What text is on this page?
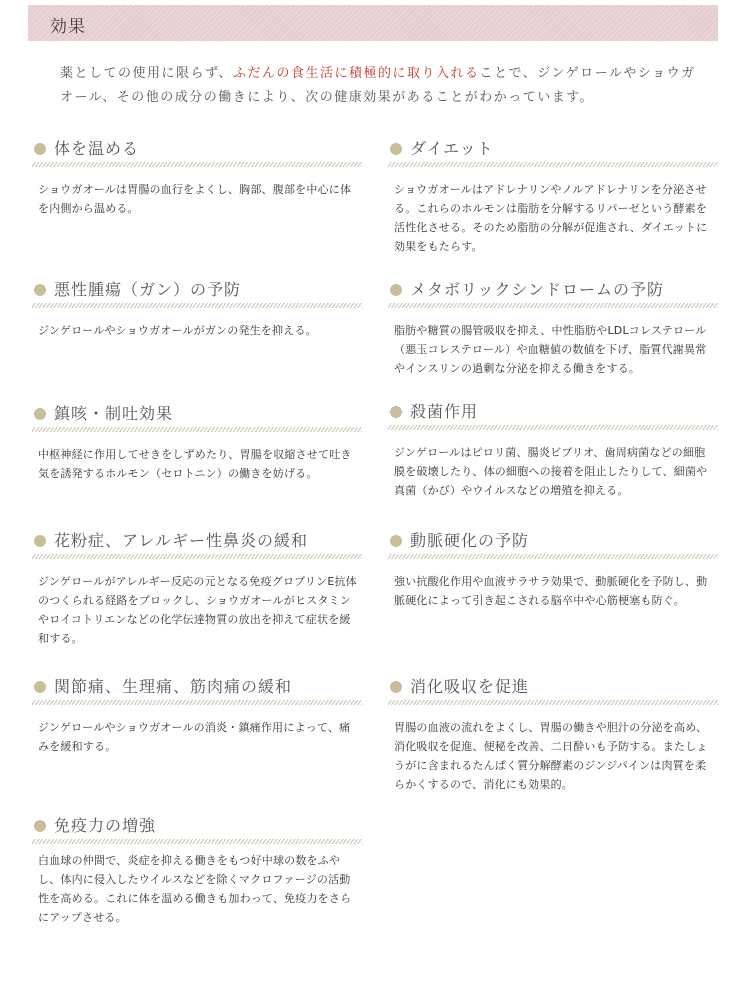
効果

薬としての使用に限らず、ふだんの食生活に積極的に取り入れることで、ジンゲロールやショウガオール、その他の成分の働きにより、次の健康効果があることがわかっています。

体を温める

ショウガオールは胃腸の血行をよくし、胸部、腹部を中心に体を内側から温める。

ダイエット

ショウガオールはアドレナリンやノルアドレナリンを分泌させる。これらのホルモンは脂肪を分解するリパーゼという酵素を活性化させる。そのため脂肪の分解が促進され、ダイエットに効果をもたらす。

悪性腫瘍（ガン）の予防

ジンゲロールやショウガオールがガンの発生を抑える。

メタボリックシンドロームの予防

脂肪や糖質の腸管吸収を抑え、中性脂肪やLDLコレステロール（悪玉コレステロール）や血糖値の数値を下げ、脂質代謝異常やインスリンの過剰な分泌を抑える働きをする。

鎮咳・制吐効果

中枢神経に作用してせきをしずめたり、胃腸を収縮させて吐き気を誘発するホルモン（セロトニン）の働きを妨げる。

殺菌作用

ジンゲロールはピロリ菌、腸炎ビブリオ、歯周病菌などの細胞膜を破壊したり、体の細胞への接着を阻止したりして、細菌や真菌（かび）やウイルスなどの増殖を抑える。

花粉症、アレルギー性鼻炎の緩和

ジンゲロールがアレルギー反応の元となる免疫グロブリンE抗体のつくられる経路をブロックし、ショウガオールがヒスタミンやロイコトリエンなどの化学伝達物質の放出を抑えて症状を緩和する。

動脈硬化の予防

強い抗酸化作用や血液サラサラ効果で、動脈硬化を予防し、動脈硬化によって引き起こされる脳卒中や心筋梗塞も防ぐ。

関節痛、生理痛、筋肉痛の緩和

ジンゲロールやショウガオールの消炎・鎮痛作用によって、痛みを緩和する。

消化吸収を促進

胃腸の血液の流れをよくし、胃腸の働きや胆汁の分泌を高め、消化吸収を促進、便秘を改善、二日酔いも予防する。またしょうがに含まれるたんぱく質分解酵素のジンジパインは肉質を柔らかくするので、消化にも効果的。

免疫力の増強

白血球の仲間で、炎症を抑える働きをもつ好中球の数をふやし、体内に侵入したウイルスなどを除くマクロファージの活動性を高める。これに体を温める働きも加わって、免疫力をさらにアップさせる。
